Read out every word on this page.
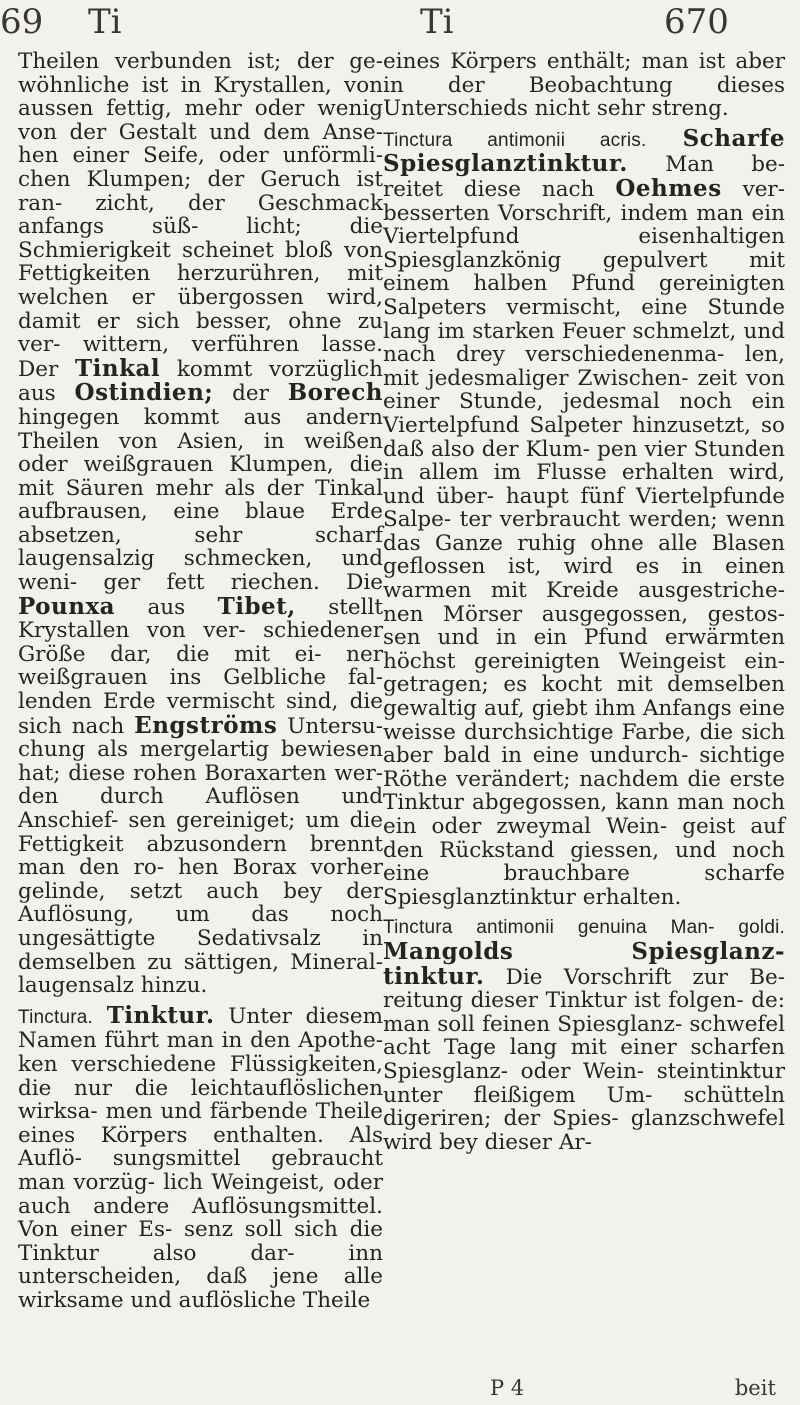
69 Ti	Ti	670

Theilen verbunden ist; der ge- wöhnliche ist in Krystallen, von aussen fettig, mehr oder wenig von der Gestalt und dem Anse- hen einer Seife, oder unförmli- chen Klumpen; der Geruch ist ran- zicht, der Geschmack anfangs süß- licht; die Schmierigkeit scheinet bloß von Fettigkeiten herzurühren, mit welchen er übergossen wird, damit er sich besser, ohne zu ver- wittern, verführen lasse. Der Tinkal kommt vorzüglich aus Ostindien; der Borech hingegen kommt aus andern Theilen von Asien, in weißen oder weißgrauen Klumpen, die mit Säuren mehr als der Tinkal aufbrausen, eine blaue Erde absetzen, sehr scharf laugensalzig schmecken, und weni- ger fett riechen. Die Pounxa aus Tibet, stellt Krystallen von ver- schiedener Größe dar, die mit ei- ner weißgrauen ins Gelbliche fal- lenden Erde vermischt sind, die sich nach Engströms Untersu- chung als mergelartig bewiesen hat; diese rohen Boraxarten wer- den durch Auflösen und Anschief- sen gereiniget; um die Fettigkeit abzusondern brennt man den ro- hen Borax vorher gelinde, setzt auch bey der Auflösung, um das noch ungesättigte Sedativsalz in demselben zu sättigen, Mineral- laugensalz hinzu.

Tinctura. Tinktur. Unter diesem Namen führt man in den Apothe- ken verschiedene Flüssigkeiten, die nur die leichtauflöslichen wirksa- men und färbende Theile eines Körpers enthalten. Als Auflö- sungsmittel gebraucht man vorzüg- lich Weingeist, oder auch andere Auflösungsmittel. Von einer Es- senz soll sich die Tinktur also dar- inn unterscheiden, daß jene alle wirksame und auflösliche Theile

eines Körpers enthält; man ist aber in der Beobachtung dieses Unterschieds nicht sehr streng.

Tinctura antimonii acris. Scharfe Spiesglanztinktur. Man be- reitet diese nach Oehmes ver- besserten Vorschrift, indem man ein Viertelpfund eisenhaltigen Spiesglanzkönig gepulvert mit einem halben Pfund gereinigten Salpeters vermischt, eine Stunde lang im starken Feuer schmelzt, und nach drey verschiedenenma- len, mit jedesmaliger Zwischen- zeit von einer Stunde, jedesmal noch ein Viertelpfund Salpeter hinzusetzt, so daß also der Klum- pen vier Stunden in allem im Flusse erhalten wird, und über- haupt fünf Viertelpfunde Salpe- ter verbraucht werden; wenn das Ganze ruhig ohne alle Blasen geflossen ist, wird es in einen warmen mit Kreide ausgestriche- nen Mörser ausgegossen, gestos- sen und in ein Pfund erwärmten höchst gereinigten Weingeist ein- getragen; es kocht mit demselben gewaltig auf, giebt ihm Anfangs eine weisse durchsichtige Farbe, die sich aber bald in eine undurch- sichtige Röthe verändert; nachdem die erste Tinktur abgegossen, kann man noch ein oder zweymal Wein- geist auf den Rückstand giessen, und noch eine brauchbare scharfe Spiesglanztinktur erhalten.

Tinctura antimonii genuina Man- goldi. Mangolds Spiesglanz- tinktur. Die Vorschrift zur Be- reitung dieser Tinktur ist folgen- de: man soll feinen Spiesglanz- schwefel acht Tage lang mit einer scharfen Spiesglanz- oder Wein- steintinktur unter fleißigem Um- schütteln digeriren; der Spies- glanzschwefel wird bey dieser Ar-

P 4	beit
